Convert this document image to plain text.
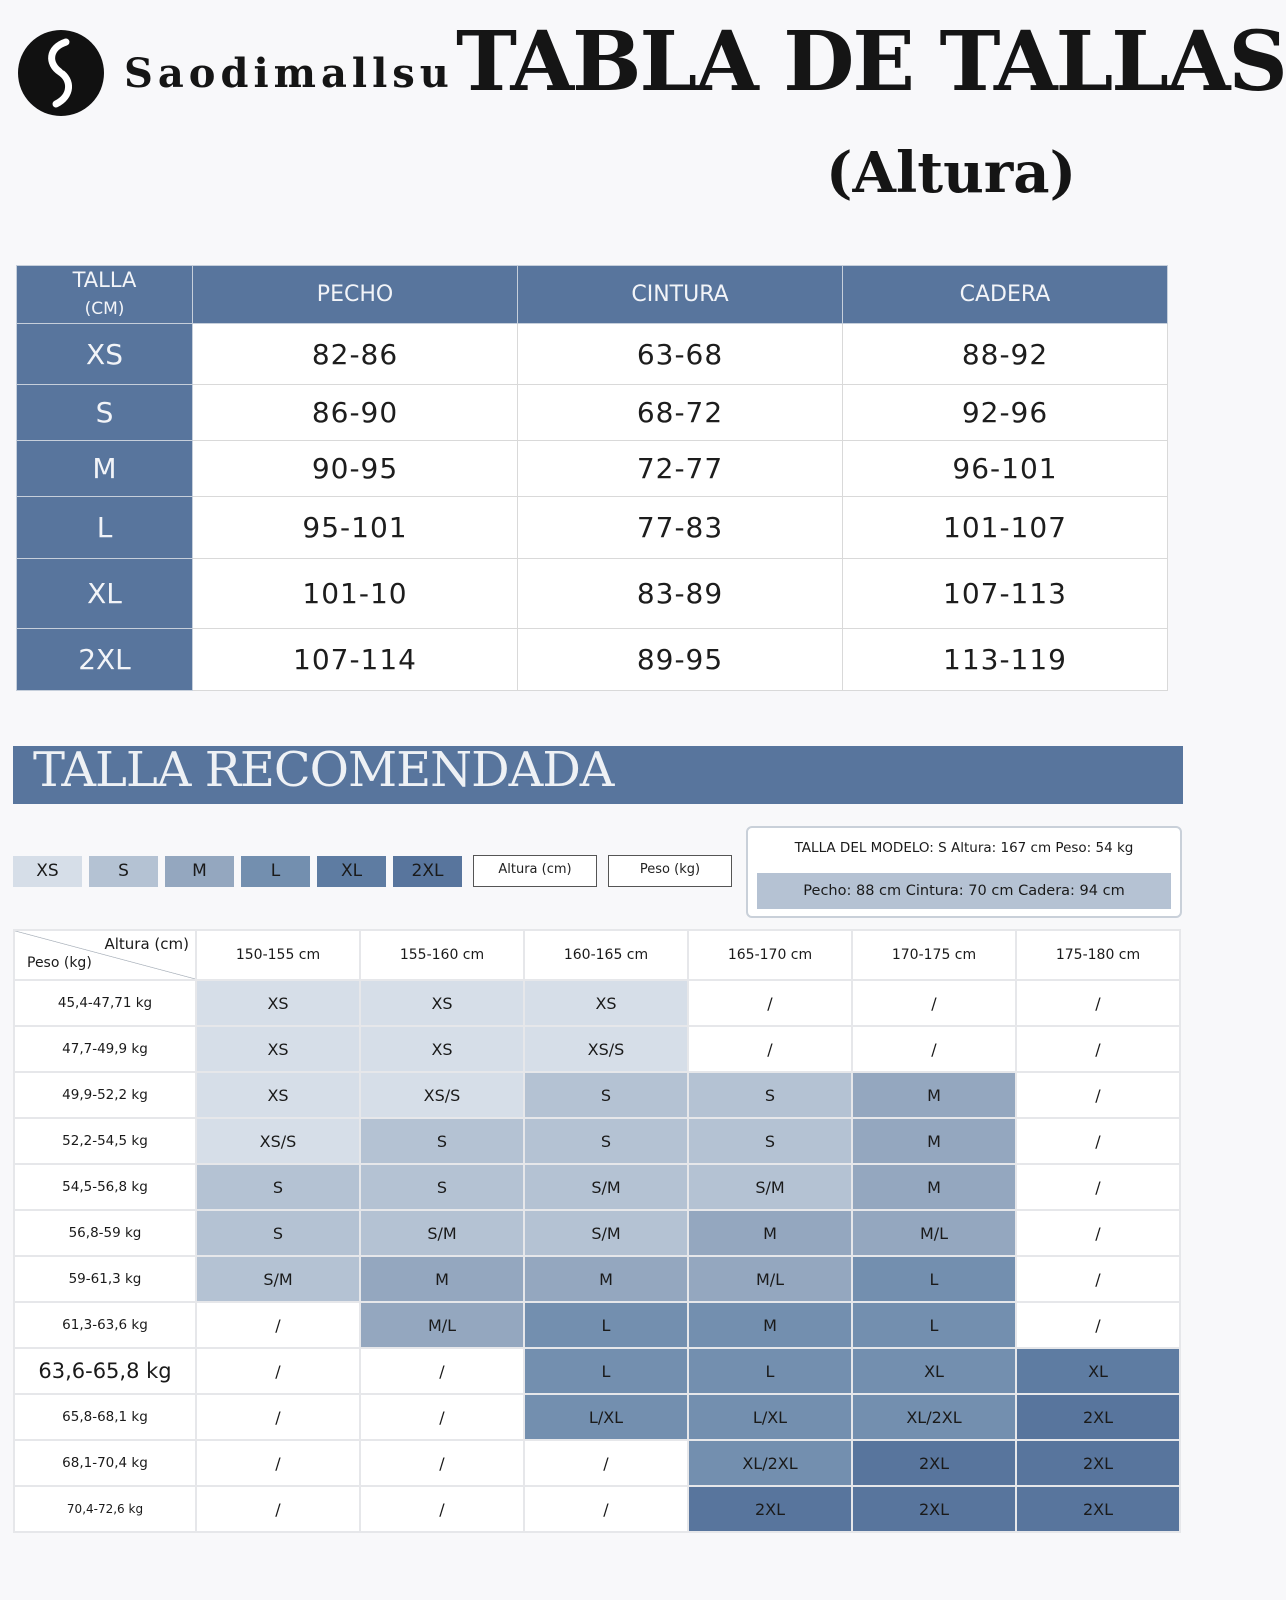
Saodimallsu TABLA DE TALLAS
(Altura)
TALLA
(CM)	PECHO	CINTURA	CADERA
XS	82-86	63-68	88-92
S	86-90	68-72	92-96
M	90-95	72-77	96-101
L	95-101	77-83	101-107
XL	101-10	83-89	107-113
2XL	107-114	89-95	113-119
TALLA RECOMENDADA
XS	S	M	L	XL	2XL	Altura (cm)	Peso (kg)
TALLA DEL MODELO: S Altura: 167 cm Peso: 54 kg
Pecho: 88 cm Cintura: 70 cm Cadera: 94 cm
Altura (cm)
Peso (kg)	150-155 cm	155-160 cm	160-165 cm	165-170 cm	170-175 cm	175-180 cm
45,4-47,71 kg	XS	XS	XS	/	/	/
47,7-49,9 kg	XS	XS	XS/S	/	/	/
49,9-52,2 kg	XS	XS/S	S	S	M	/
52,2-54,5 kg	XS/S	S	S	S	M	/
54,5-56,8 kg	S	S	S/M	S/M	M	/
56,8-59 kg	S	S/M	S/M	M	M/L	/
59-61,3 kg	S/M	M	M	M/L	L	/
61,3-63,6 kg	/	M/L	L	M	L	/
63,6-65,8 kg	/	/	L	L	XL	XL
65,8-68,1 kg	/	/	L/XL	L/XL	XL/2XL	2XL
68,1-70,4 kg	/	/	/	XL/2XL	2XL	2XL
70,4-72,6 kg	/	/	/	2XL	2XL	2XL
